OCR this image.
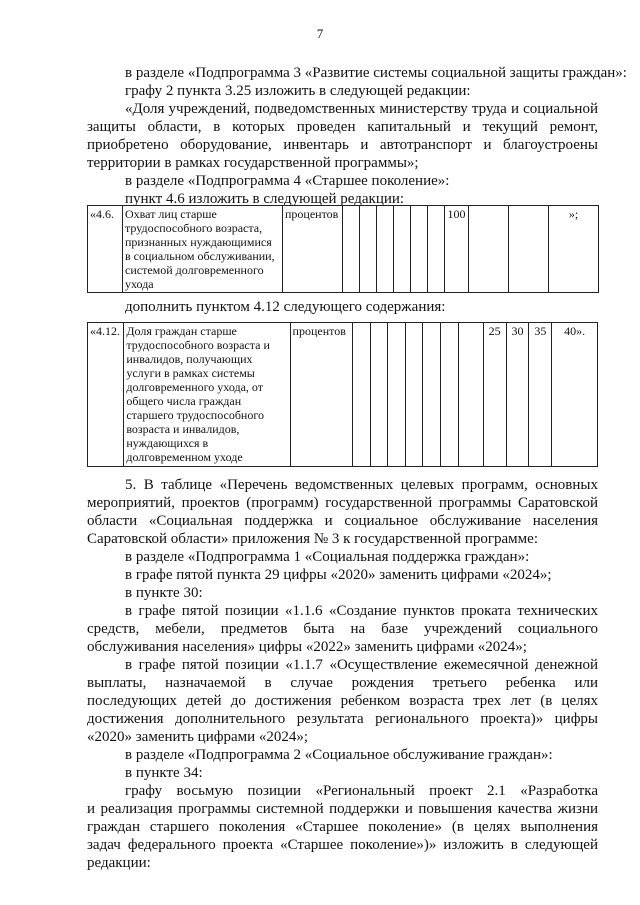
7
в разделе «Подпрограмма 3 «Развитие системы социальной защиты граждан»:
графу 2 пункта 3.25 изложить в следующей редакции:
«Доля учреждений, подведомственных министерству труда и социальной
защиты области, в которых проведен капитальный и текущий ремонт,
приобретено оборудование, инвентарь и автотранспорт и благоустроены
территории в рамках государственной программы»;
в разделе «Подпрограмма 4 «Старшее поколение»:
пункт 4.6 изложить в следующей редакции:
«4.6.	Охват лиц старше трудоспособного возраста, признанных нуждающимися в социальном обслуживании, системой долговременного ухода	процентов							100			»;
дополнить пунктом 4.12 следующего содержания:
«4.12.	Доля граждан старше трудоспособного возраста и инвалидов, получающих услуги в рамках системы долговременного ухода, от общего числа граждан старшего трудоспособного возраста и инвалидов, нуждающихся в долговременном уходе	процентов								25	30	35	40».
5. В таблице «Перечень ведомственных целевых программ, основных
мероприятий, проектов (программ) государственной программы Саратовской
области «Социальная поддержка и социальное обслуживание населения
Саратовской области» приложения № 3 к государственной программе:
в разделе «Подпрограмма 1 «Социальная поддержка граждан»:
в графе пятой пункта 29 цифры «2020» заменить цифрами «2024»;
в пункте 30:
в графе пятой позиции «1.1.6 «Создание пунктов проката технических
средств, мебели, предметов быта на базе учреждений социального
обслуживания населения» цифры «2022» заменить цифрами «2024»;
в графе пятой позиции «1.1.7 «Осуществление ежемесячной денежной
выплаты, назначаемой в случае рождения третьего ребенка или
последующих детей до достижения ребенком возраста трех лет (в целях
достижения дополнительного результата регионального проекта)» цифры
«2020» заменить цифрами «2024»;
в разделе «Подпрограмма 2 «Социальное обслуживание граждан»:
в пункте 34:
графу восьмую позиции «Региональный проект 2.1 «Разработка
и реализация программы системной поддержки и повышения качества жизни
граждан старшего поколения «Старшее поколение» (в целях выполнения
задач федерального проекта «Старшее поколение»)» изложить в следующей
редакции:
